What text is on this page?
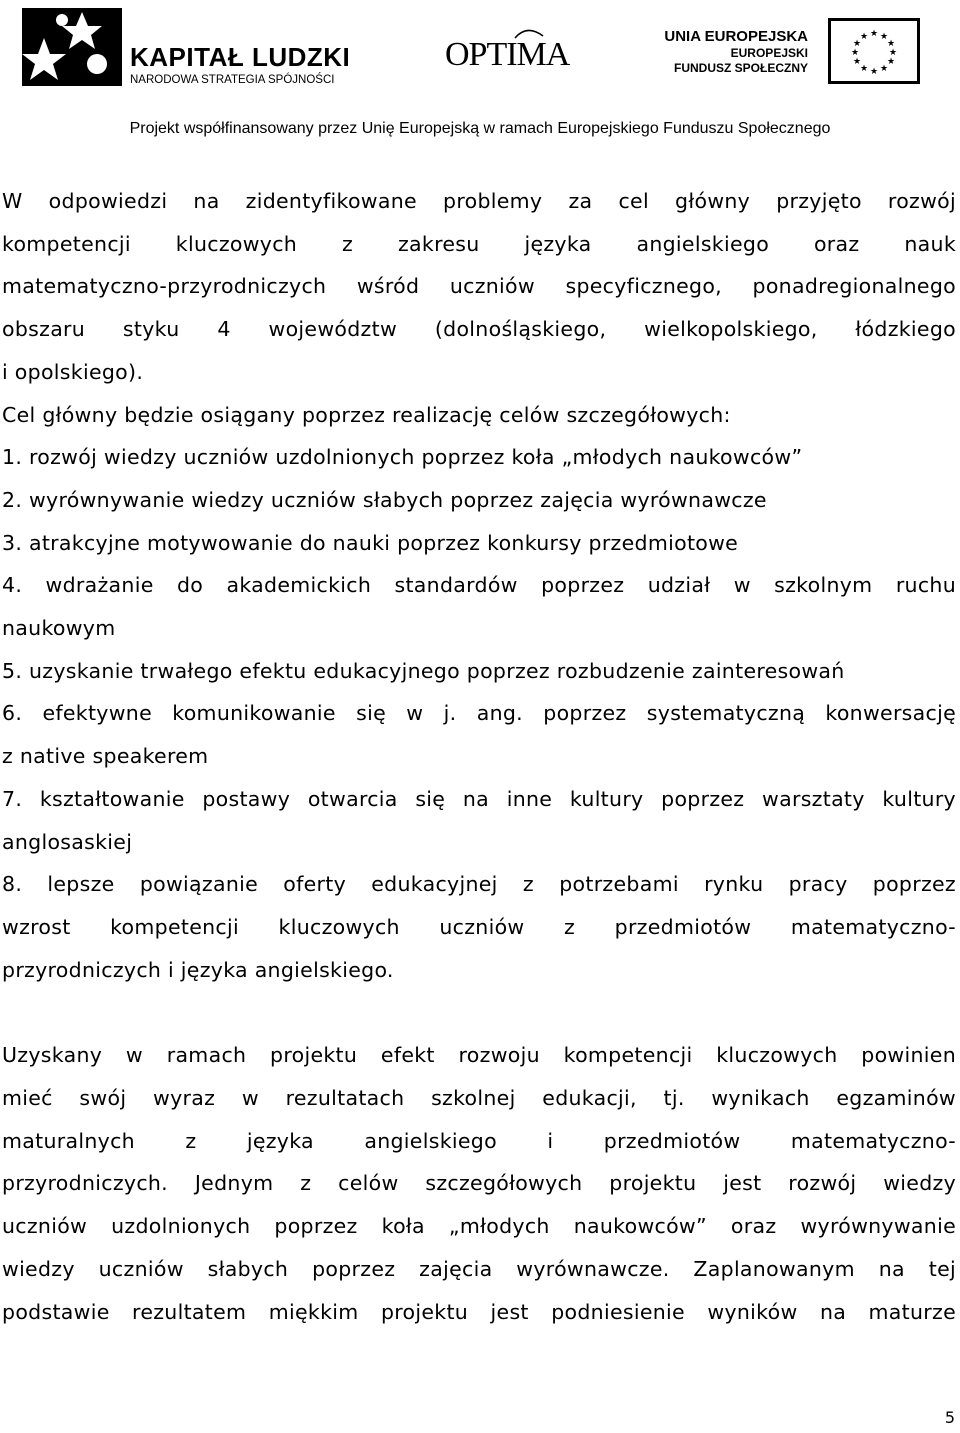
KAPITAŁ LUDZKI
NARODOWA STRATEGIA SPÓJNOŚCI
OPTIMA	UNIA EUROPEJSKA
EUROPEJSKI
FUNDUSZ SPOŁECZNY
★ ★
★
★
★
★
★
★
★
★
★
★
Projekt współfinansowany przez Unię Europejską w ramach Europejskiego Funduszu Społecznego

W odpowiedzi na zidentyfikowane problemy za cel główny przyjęto rozwój

kompetencji kluczowych z zakresu języka angielskiego oraz nauk

matematyczno-przyrodniczych wśród uczniów specyficznego, ponadregionalnego

obszaru styku 4 województw (dolnośląskiego, wielkopolskiego, łódzkiego

i opolskiego).

Cel główny będzie osiągany poprzez realizację celów szczegółowych:

1. rozwój wiedzy uczniów uzdolnionych poprzez koła „młodych naukowców”

2. wyrównywanie wiedzy uczniów słabych poprzez zajęcia wyrównawcze

3. atrakcyjne motywowanie do nauki poprzez konkursy przedmiotowe

4. wdrażanie do akademickich standardów poprzez udział w szkolnym ruchu

naukowym

5. uzyskanie trwałego efektu edukacyjnego poprzez rozbudzenie zainteresowań

6. efektywne komunikowanie się w j. ang. poprzez systematyczną konwersację

z native speakerem

7. kształtowanie postawy otwarcia się na inne kultury poprzez warsztaty kultury

anglosaskiej

8. lepsze powiązanie oferty edukacyjnej z potrzebami rynku pracy poprzez

wzrost kompetencji kluczowych uczniów z przedmiotów matematyczno-

przyrodniczych i języka angielskiego.

Uzyskany w ramach projektu efekt rozwoju kompetencji kluczowych powinien

mieć swój wyraz w rezultatach szkolnej edukacji, tj. wynikach egzaminów

maturalnych z języka angielskiego i przedmiotów matematyczno-

przyrodniczych. Jednym z celów szczegółowych projektu jest rozwój wiedzy

uczniów uzdolnionych poprzez koła „młodych naukowców” oraz wyrównywanie

wiedzy uczniów słabych poprzez zajęcia wyrównawcze. Zaplanowanym na tej

podstawie rezultatem miękkim projektu jest podniesienie wyników na maturze

5
